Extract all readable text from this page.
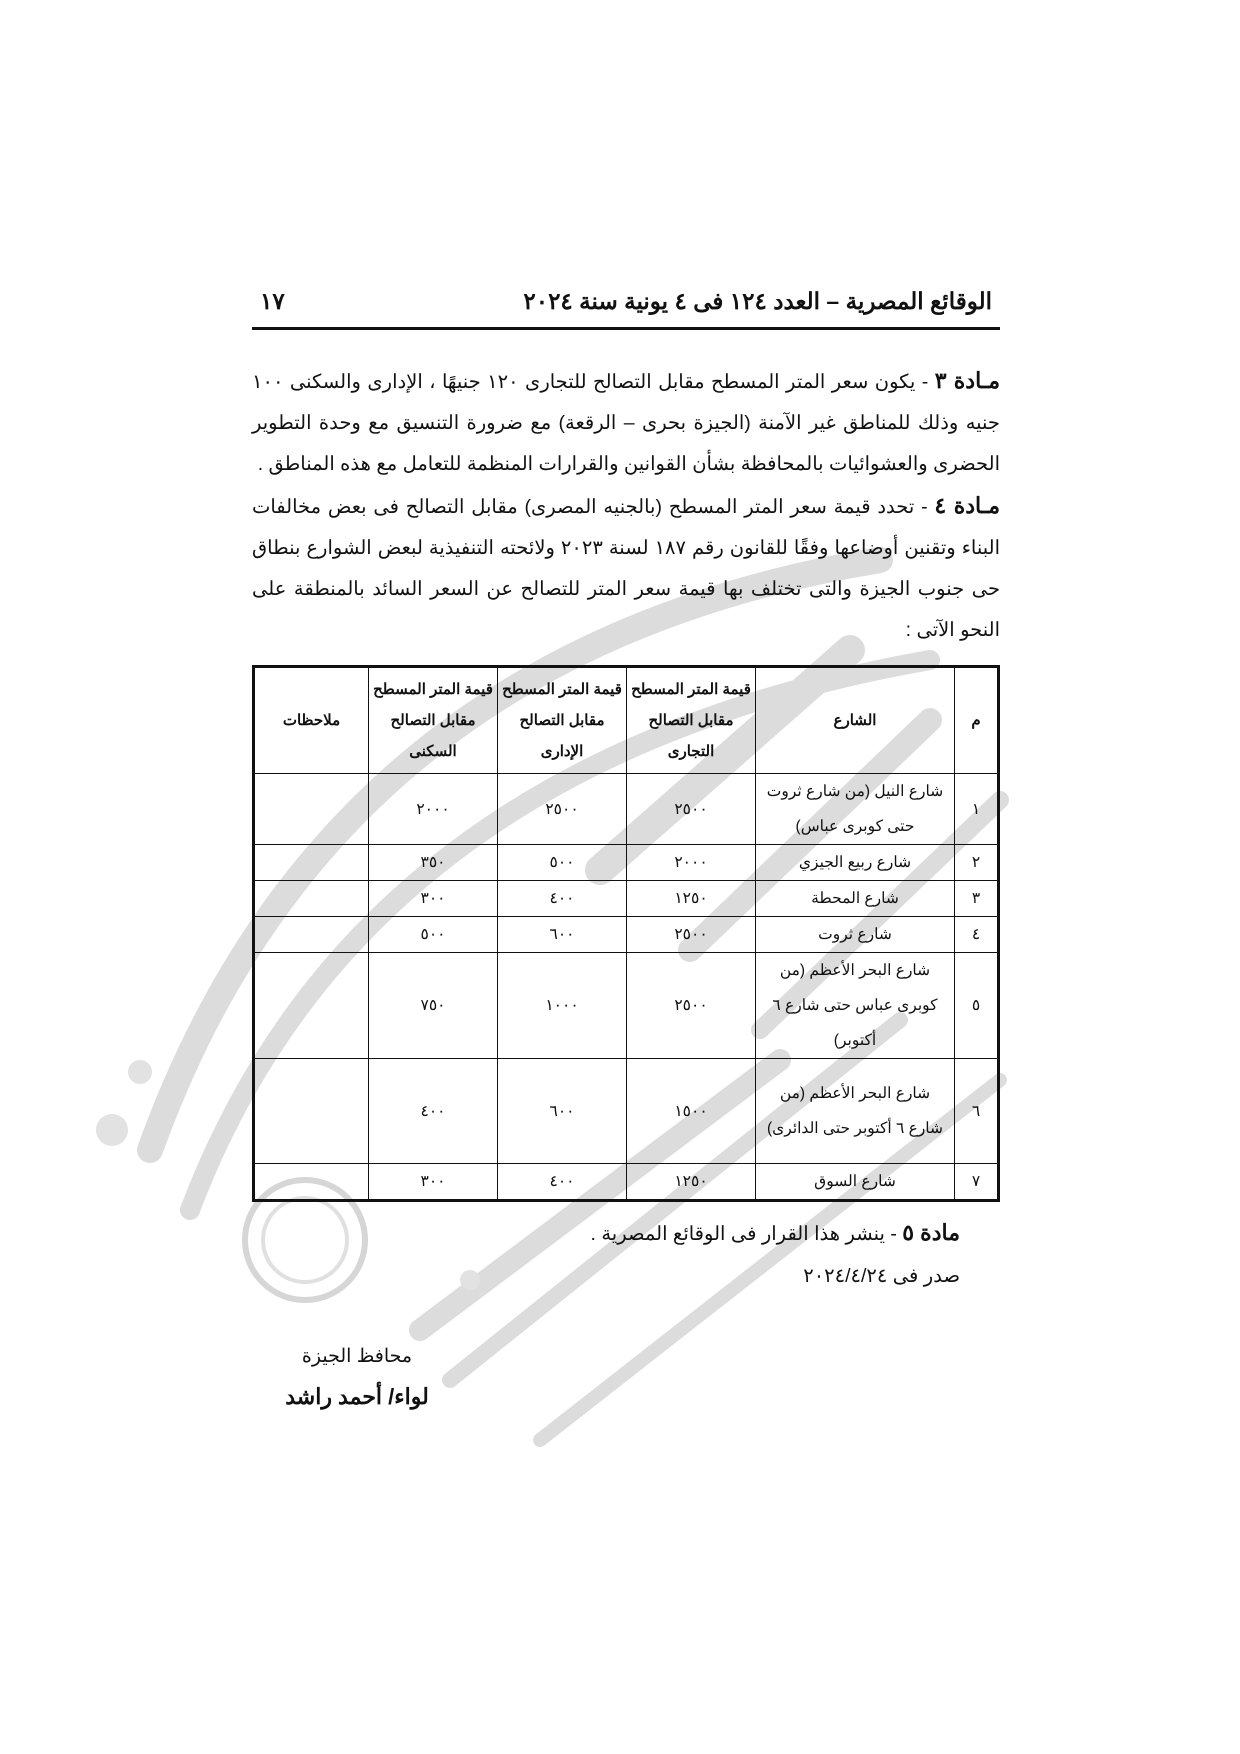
الوقائع المصرية – العدد ١٢٤ فى ٤ يونية سنة ٢٠٢٤
١٧

مـادة ٣ - يكون سعر المتر المسطح مقابل التصالح للتجارى ١٢٠ جنيهًا ، الإدارى والسكنى ١٠٠ جنيه وذلك للمناطق غير الآمنة (الجيزة بحرى – الرقعة) مع ضرورة التنسيق مع وحدة التطوير الحضرى والعشوائيات بالمحافظة بشأن القوانين والقرارات المنظمة للتعامل مع هذه المناطق .

مـادة ٤ - تحدد قيمة سعر المتر المسطح (بالجنيه المصرى) مقابل التصالح فى بعض مخالفات البناء وتقنين أوضاعها وفقًا للقانون رقم ١٨٧ لسنة ٢٠٢٣ ولائحته التنفيذية لبعض الشوارع بنطاق حى جنوب الجيزة والتى تختلف بها قيمة سعر المتر للتصالح عن السعر السائد بالمنطقة على النحو الآتى :

م	الشارع	قيمة المتر المسطح مقابل التصالح التجارى	قيمة المتر المسطح مقابل التصالح الإدارى	قيمة المتر المسطح مقابل التصالح السكنى	ملاحظات
١	شارع النيل (من شارع ثروت حتى كوبرى عباس)	٢٥٠٠	٢٥٠٠	٢٠٠٠	
٢	شارع ربيع الجيزي	٢٠٠٠	٥٠٠	٣٥٠	
٣	شارع المحطة	١٢٥٠	٤٠٠	٣٠٠	
٤	شارع ثروت	٢٥٠٠	٦٠٠	٥٠٠	
٥	شارع البحر الأعظم (من كوبرى عباس حتى شارع ٦ أكتوبر)	٢٥٠٠	١٠٠٠	٧٥٠	
٦	شارع البحر الأعظم (من شارع ٦ أكتوبر حتى الدائرى)	١٥٠٠	٦٠٠	٤٠٠	
٧	شارع السوق	١٢٥٠	٤٠٠	٣٠٠	

مادة ٥ - ينشر هذا القرار فى الوقائع المصرية .

صدر فى ٢٠٢٤/٤/٢٤

محافظ الجيزة
لواء/ أحمد راشد
